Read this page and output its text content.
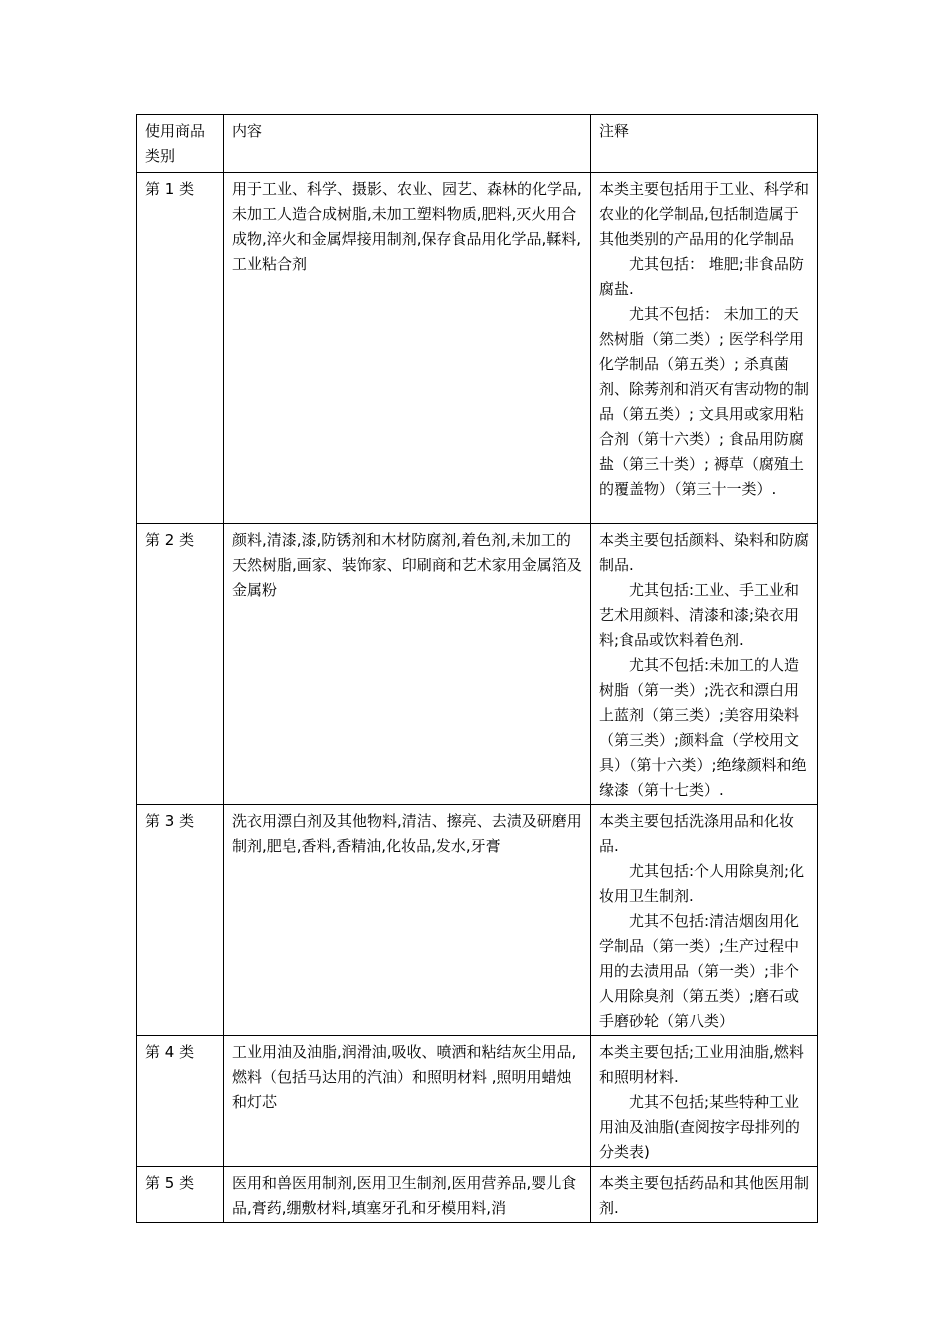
使用商品类别	内容	注释
第 1 类	用于工业、科学、摄影、农业、园艺、森林的化学品,未加工人造合成树脂,未加工塑料物质,肥料,灭火用合成物,淬火和金属焊接用制剂,保存食品用化学品,鞣料,工业粘合剂	本类主要包括用于工业、科学和农业的化学制品,包括制造属于其他类别的产品用的化学制品
尤其包括： 堆肥;非食品防腐盐.
尤其不包括： 未加工的天然树脂（第二类）; 医学科学用化学制品（第五类）; 杀真菌剂、除莠剂和消灭有害动物的制品（第五类）; 文具用或家用粘合剂（第十六类）; 食品用防腐盐（第三十类）; 褥草（腐殖土的覆盖物）（第三十一类）.

第 2 类	颜料,清漆,漆,防锈剂和木材防腐剂,着色剂,未加工的天然树脂,画家、装饰家、印刷商和艺术家用金属箔及金属粉	本类主要包括颜料、染料和防腐制品.
尤其包括:工业、手工业和艺术用颜料、清漆和漆;染衣用料;食品或饮料着色剂.
尤其不包括:未加工的人造树脂（第一类）;洗衣和漂白用上蓝剂（第三类）;美容用染料（第三类）;颜料盒（学校用文具）（第十六类）;绝缘颜料和绝缘漆（第十七类）.

第 3 类	洗衣用漂白剂及其他物料,清洁、擦亮、去渍及研磨用制剂,肥皂,香料,香精油,化妆品,发水,牙膏	本类主要包括洗涤用品和化妆品.
尤其包括:个人用除臭剂;化妆用卫生制剂.
尤其不包括:清洁烟囱用化学制品（第一类）;生产过程中用的去渍用品（第一类）;非个人用除臭剂（第五类）;磨石或手磨砂轮（第八类）

第 4 类	工业用油及油脂,润滑油,吸收、喷洒和粘结灰尘用品,燃料（包括马达用的汽油）和照明材料 ,照明用蜡烛和灯芯	本类主要包括;工业用油脂,燃料和照明材料.
尤其不包括;某些特种工业用油及油脂(查阅按字母排列的分类表)

第 5 类	医用和兽医用制剂,医用卫生制剂,医用营养品,婴儿食品,膏药,绷敷材料,填塞牙孔和牙模用料,消	本类主要包括药品和其他医用制剂.
